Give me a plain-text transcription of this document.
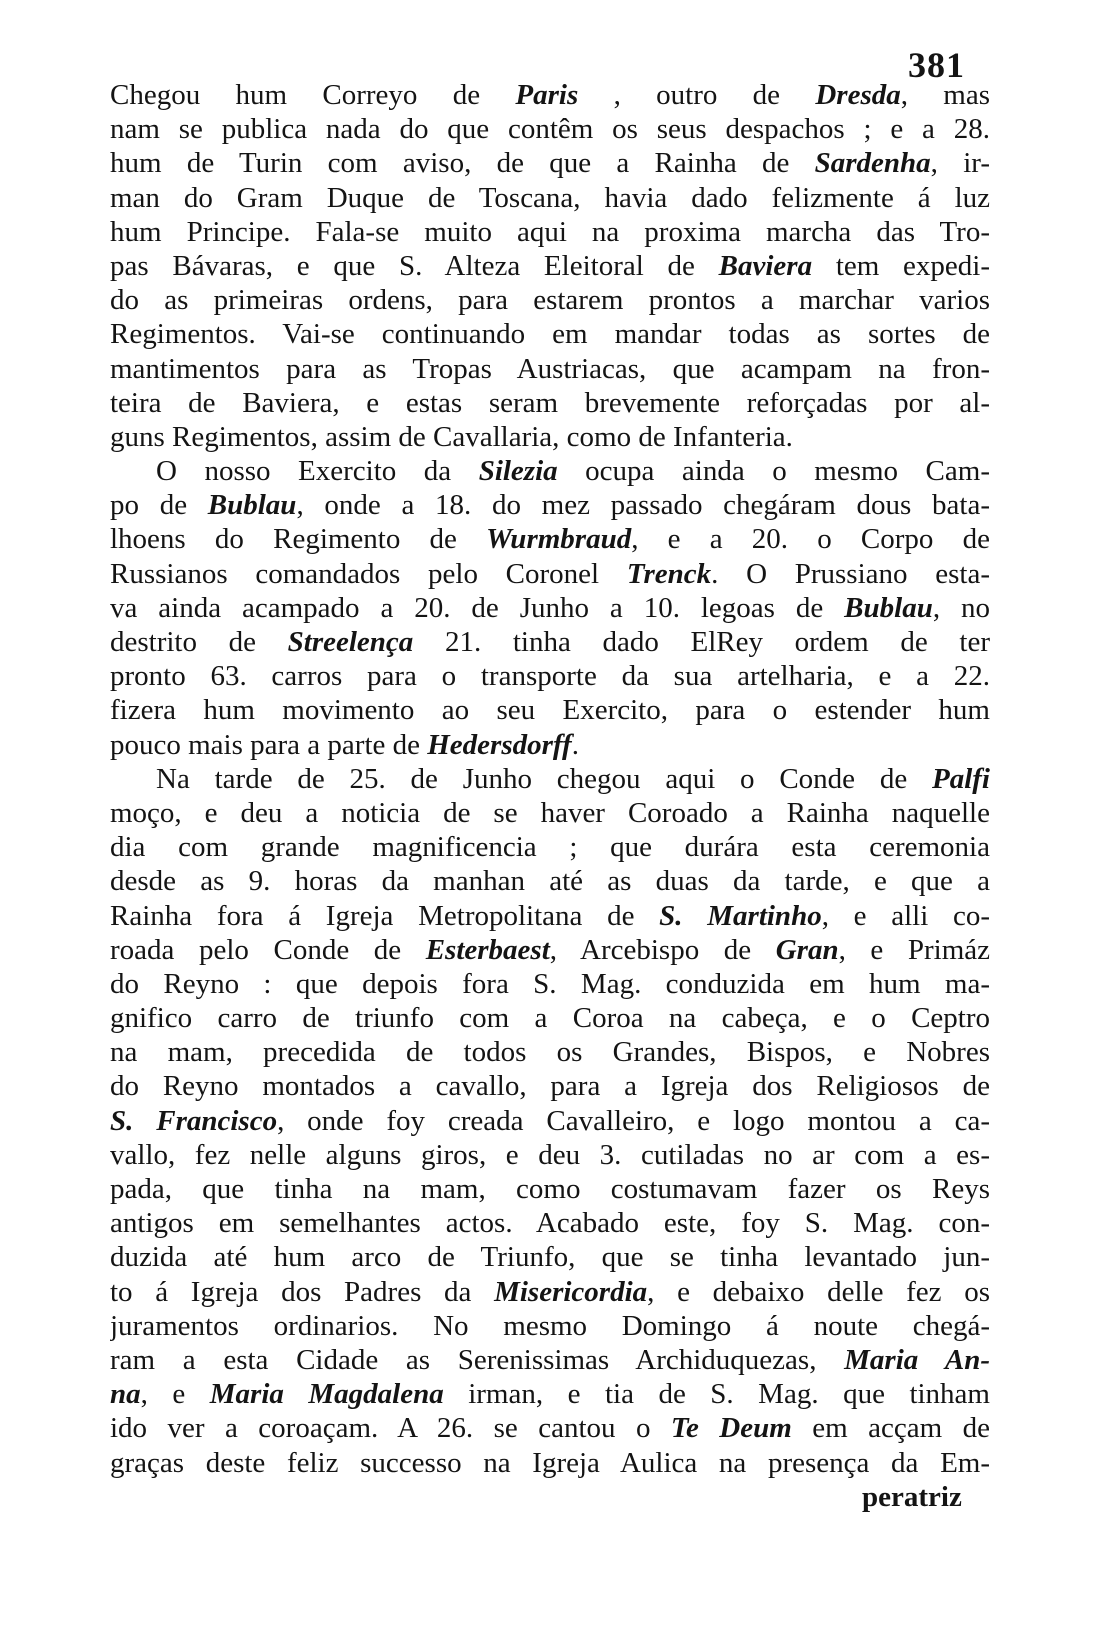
381
Chegou hum Correyo de Paris , outro de Dresda, mas
nam se publica nada do que contêm os seus despachos ; e a 28.
hum de Turin com aviso, de que a Rainha de Sardenha, ir-
man do Gram Duque de Toscana, havia dado felizmente á luz
hum Principe. Fala-se muito aqui na proxima marcha das Tro-
pas Bávaras, e que S. Alteza Eleitoral de Baviera tem expedi-
do as primeiras ordens, para estarem prontos a marchar varios
Regimentos. Vai-se continuando em mandar todas as sortes de
mantimentos para as Tropas Austriacas, que acampam na fron-
teira de Baviera, e estas seram brevemente reforçadas por al-
guns Regimentos, assim de Cavallaria, como de Infanteria.
O nosso Exercito da Silezia ocupa ainda o mesmo Cam-
po de Bublau, onde a 18. do mez passado chegáram dous bata-
lhoens do Regimento de Wurmbraud, e a 20. o Corpo de
Russianos comandados pelo Coronel Trenck. O Prussiano esta-
va ainda acampado a 20. de Junho a 10. legoas de Bublau, no
destrito de Streelença 21. tinha dado ElRey ordem de ter
pronto 63. carros para o transporte da sua artelharia, e a 22.
fizera hum movimento ao seu Exercito, para o estender hum
pouco mais para a parte de Hedersdorff.
Na tarde de 25. de Junho chegou aqui o Conde de Palfi
moço, e deu a noticia de se haver Coroado a Rainha naquelle
dia com grande magnificencia ; que durára esta ceremonia
desde as 9. horas da manhan até as duas da tarde, e que a
Rainha fora á Igreja Metropolitana de S. Martinho, e alli co-
roada pelo Conde de Esterbaest, Arcebispo de Gran, e Primáz
do Reyno : que depois fora S. Mag. conduzida em hum ma-
gnifico carro de triunfo com a Coroa na cabeça, e o Ceptro
na mam, precedida de todos os Grandes, Bispos, e Nobres
do Reyno montados a cavallo, para a Igreja dos Religiosos de
S. Francisco, onde foy creada Cavalleiro, e logo montou a ca-
vallo, fez nelle alguns giros, e deu 3. cutiladas no ar com a es-
pada, que tinha na mam, como costumavam fazer os Reys
antigos em semelhantes actos. Acabado este, foy S. Mag. con-
duzida até hum arco de Triunfo, que se tinha levantado jun-
to á Igreja dos Padres da Misericordia, e debaixo delle fez os
juramentos ordinarios. No mesmo Domingo á noute chegá-
ram a esta Cidade as Serenissimas Archiduquezas, Maria An-
na, e Maria Magdalena irman, e tia de S. Mag. que tinham
ido ver a coroaçam. A 26. se cantou o Te Deum em acçam de
graças deste feliz successo na Igreja Aulica na presença da Em-
peratriz
